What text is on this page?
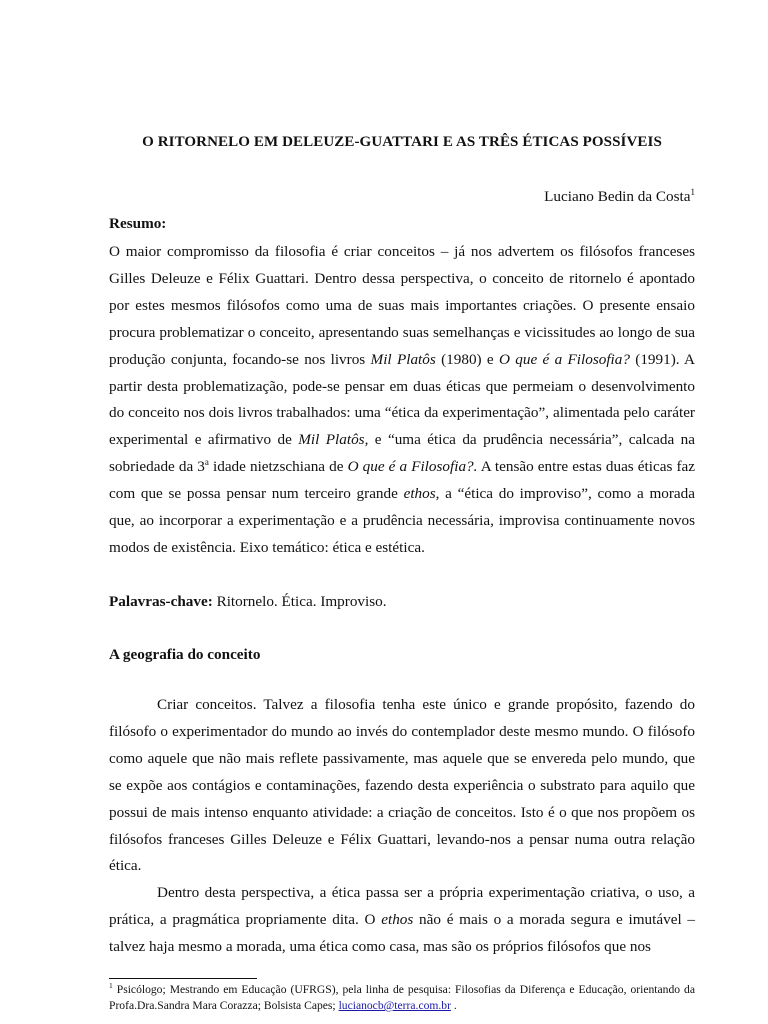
O RITORNELO EM DELEUZE-GUATTARI E AS TRÊS ÉTICAS POSSÍVEIS
Luciano Bedin da Costa$^1$
Resumo:

O maior compromisso da filosofia é criar conceitos – já nos advertem os filósofos franceses Gilles Deleuze e Félix Guattari. Dentro dessa perspectiva, o conceito de ritornelo é apontado por estes mesmos filósofos como uma de suas mais importantes criações. O presente ensaio procura problematizar o conceito, apresentando suas semelhanças e vicissitudes ao longo de sua produção conjunta, focando-se nos livros Mil Platôs (1980) e O que é a Filosofia? (1991). A partir desta problematização, pode-se pensar em duas éticas que permeiam o desenvolvimento do conceito nos dois livros trabalhados: uma “ética da experimentação”, alimentada pelo caráter experimental e afirmativo de Mil Platôs, e “uma ética da prudência necessária”, calcada na sobriedade da 3$^a$ idade nietzschiana de O que é a Filosofia?. A tensão entre estas duas éticas faz com que se possa pensar num terceiro grande ethos, a “ética do improviso”, como a morada que, ao incorporar a experimentação e a prudência necessária, improvisa continuamente novos modos de existência. Eixo temático: ética e estética.

Palavras-chave: Ritornelo. Ética. Improviso.
A geografia do conceito

Criar conceitos. Talvez a filosofia tenha este único e grande propósito, fazendo do filósofo o experimentador do mundo ao invés do contemplador deste mesmo mundo. O filósofo como aquele que não mais reflete passivamente, mas aquele que se envereda pelo mundo, que se expõe aos contágios e contaminações, fazendo desta experiência o substrato para aquilo que possui de mais intenso enquanto atividade: a criação de conceitos. Isto é o que nos propõem os filósofos franceses Gilles Deleuze e Félix Guattari, levando-nos a pensar numa outra relação ética.

Dentro desta perspectiva, a ética passa ser a própria experimentação criativa, o uso, a prática, a pragmática propriamente dita. O ethos não é mais o a morada segura e imutável – talvez haja mesmo a morada, uma ética como casa, mas são os próprios filósofos que nos

$^1$ Psicólogo; Mestrando em Educação (UFRGS), pela linha de pesquisa: Filosofias da Diferença e Educação, orientando da Profa.Dra.Sandra Mara Corazza; Bolsista Capes; lucianocb@terra.com.br .
